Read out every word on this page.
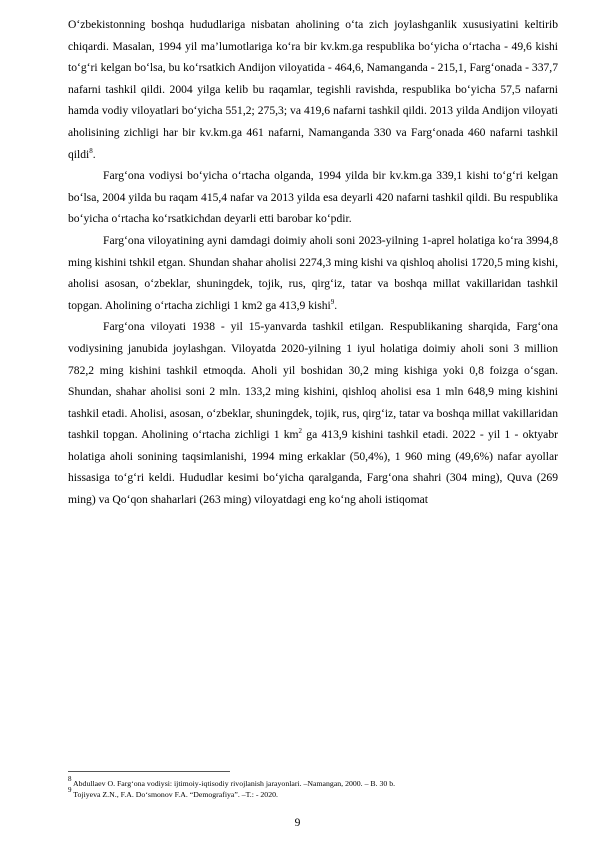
O‘zbekistonning boshqa hududlariga nisbatan aholining o‘ta zich joylashganlik xususiyatini keltirib chiqardi. Masalan, 1994 yil ma’lumotlariga ko‘ra bir kv.km.ga respublika bo‘yicha o‘rtacha - 49,6 kishi to‘g‘ri kelgan bo‘lsa, bu ko‘rsatkich Andijon viloyatida - 464,6, Namanganda - 215,1, Farg‘onada - 337,7 nafarni tashkil qildi. 2004 yilga kelib bu raqamlar, tegishli ravishda, respublika bo‘yicha 57,5 nafarni hamda vodiy viloyatlari bo‘yicha 551,2; 275,3; va 419,6 nafarni tashkil qildi. 2013 yilda Andijon viloyati aholisining zichligi har bir kv.km.ga 461 nafarni, Namanganda 330 va Farg‘onada 460 nafarni tashkil qildi$^8$.

Farg‘ona vodiysi bo‘yicha o‘rtacha olganda, 1994 yilda bir kv.km.ga 339,1 kishi to‘g‘ri kelgan bo‘lsa, 2004 yilda bu raqam 415,4 nafar va 2013 yilda esa deyarli 420 nafarni tashkil qildi. Bu respublika bo‘yicha o‘rtacha ko‘rsatkichdan deyarli etti barobar ko‘pdir.

Farg‘ona viloyatining ayni damdagi doimiy aholi soni 2023-yilning 1-aprel holatiga ko‘ra 3994,8 ming kishini tshkil etgan. Shundan shahar aholisi 2274,3 ming kishi va qishloq aholisi 1720,5 ming kishi, aholisi asosan, o‘zbeklar, shuningdek, tojik, rus, qirg‘iz, tatar va boshqa millat vakillaridan tashkil topgan. Aholining o‘rtacha zichligi 1 km2 ga 413,9 kishi$^9$.

Farg‘ona viloyati 1938 - yil 15-yanvarda tashkil etilgan. Respublikaning sharqida, Farg‘ona vodiysining janubida joylashgan. Viloyatda 2020-yilning 1 iyul holatiga doimiy aholi soni 3 million 782,2 ming kishini tashkil etmoqda. Aholi yil boshidan 30,2 ming kishiga yoki 0,8 foizga o‘sgan. Shundan, shahar aholisi soni 2 mln. 133,2 ming kishini, qishloq aholisi esa 1 mln 648,9 ming kishini tashkil etadi. Aholisi, asosan, o‘zbeklar, shuningdek, tojik, rus, qirg‘iz, tatar va boshqa millat vakillaridan tashkil topgan. Aholining o‘rtacha zichligi 1 $km^2$ ga 413,9 kishini tashkil etadi. 2022 - yil 1 - oktyabr holatiga aholi sonining taqsimlanishi, 1994 ming erkaklar (50,4%), 1 960 ming (49,6%) nafar ayollar hissasiga to‘g‘ri keldi. Hududlar kesimi bo‘yicha qaralganda, Farg‘ona shahri (304 ming), Quva (269 ming) va Qo‘qon shaharlari (263 ming) viloyatdagi eng ko‘ng aholi istiqomat

$^8$ Abdullaev O. Farg‘ona vodiysi: ijtimoiy-iqtisodiy rivojlanish jarayonlari. –Namangan, 2000. – B. 30 b.

$^9$ Tojiyeva Z.N., F.A. Do‘smonov F.A. “Demografiya”. –T.: - 2020.

9
